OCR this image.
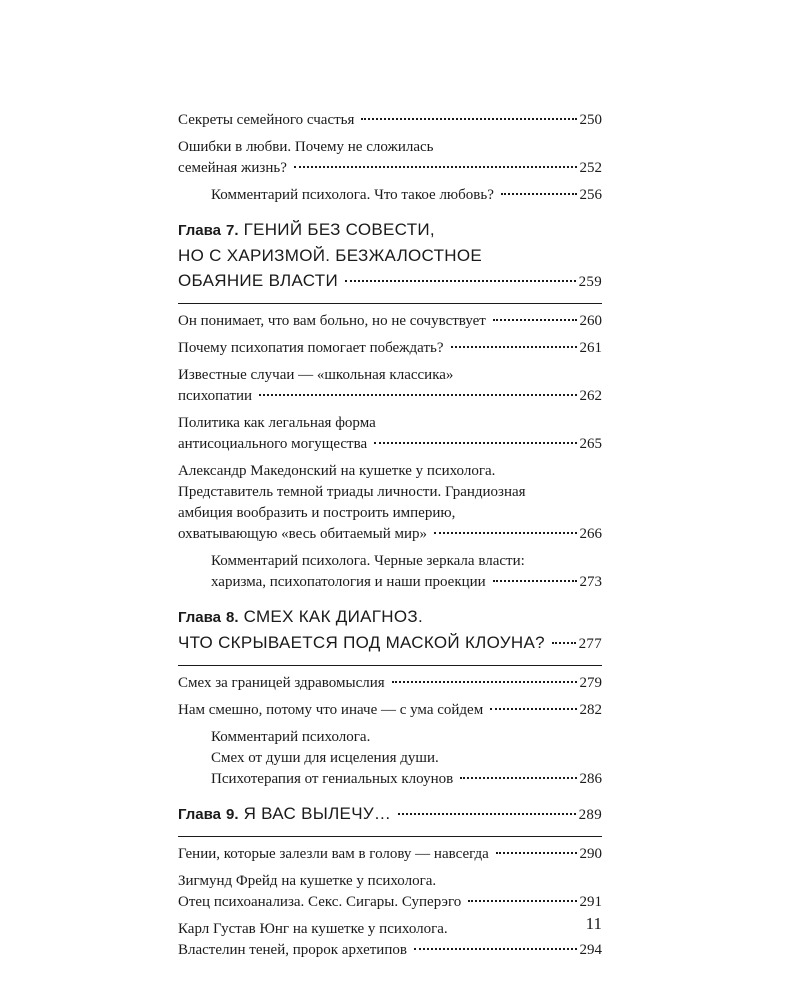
Секреты семейного счастья	250
Ошибки в любви. Почему не сложилась
семейная жизнь?	252
Комментарий психолога. Что такое любовь?	256
Глава 7. ГЕНИЙ БЕЗ СОВЕСТИ,
НО С ХАРИЗМОЙ. БЕЗЖАЛОСТНОЕ
ОБАЯНИЕ ВЛАСТИ	259
Он понимает, что вам больно, но не сочувствует	260
Почему психопатия помогает побеждать?	261
Известные случаи — «школьная классика»
психопатии	262
Политика как легальная форма
антисоциального могущества	265
Александр Македонский на кушетке у психолога.
Представитель темной триады личности. Грандиозная
амбиция вообразить и построить империю,
охватывающую «весь обитаемый мир»	266
Комментарий психолога. Черные зеркала власти:
харизма, психопатология и наши проекции	273
Глава 8. СМЕХ КАК ДИАГНОЗ.
ЧТО СКРЫВАЕТСЯ ПОД МАСКОЙ КЛОУНА? 277
Смех за границей здравомыслия	279
Нам смешно, потому что иначе — с ума сойдем	282
Комментарий психолога.
Смех от души для исцеления души.
Психотерапия от гениальных клоунов	286
Глава 9. Я ВАС ВЫЛЕЧУ…	289
Гении, которые залезли вам в голову — навсегда	290
Зигмунд Фрейд на кушетке у психолога.
Отец психоанализа. Секс. Сигары. Суперэго	291
Карл Густав Юнг на кушетке у психолога.
Властелин теней, пророк архетипов	294
11
